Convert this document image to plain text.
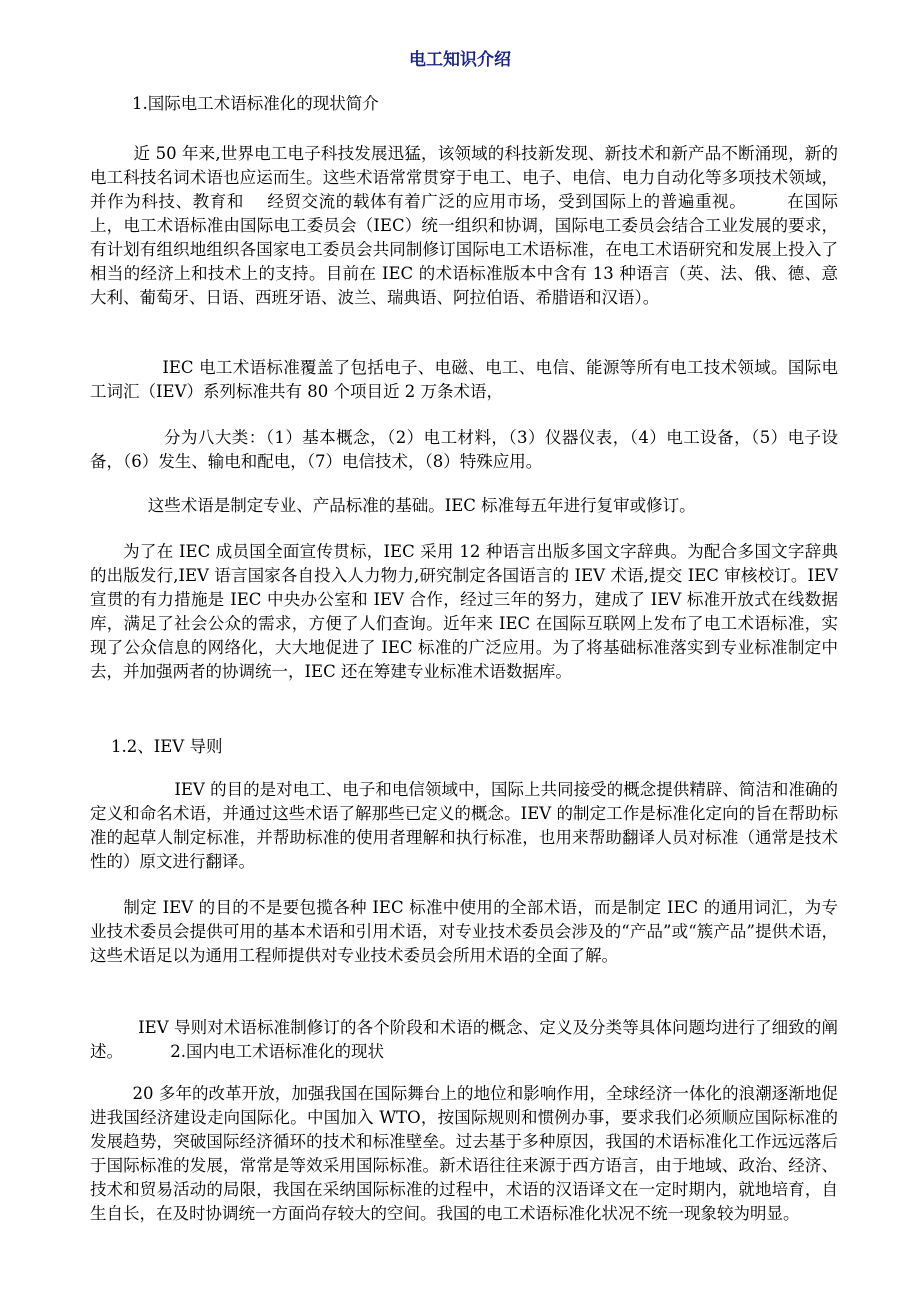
电工知识介绍

1.国际电工术语标准化的现状简介

近 50 年来,世界电工电子科技发展迅猛，该领域的科技新发现、新技术和新产品不断涌现，新的电工科技名词术语也应运而生。这些术语常常贯穿于电工、电子、电信、电力自动化等多项技术领域，并作为科技、教育和    经贸交流的载体有着广泛的应用市场，受到国际上的普遍重视。       在国际上，电工术语标准由国际电工委员会（IEC）统一组织和协调，国际电工委员会结合工业发展的要求，有计划有组织地组织各国家电工委员会共同制修订国际电工术语标准，在电工术语研究和发展上投入了相当的经济上和技术上的支持。目前在 IEC 的术语标准版本中含有 13 种语言（英、法、俄、德、意大利、葡萄牙、日语、西班牙语、波兰、瑞典语、阿拉伯语、希腊语和汉语）。

IEC 电工术语标准覆盖了包括电子、电磁、电工、电信、能源等所有电工技术领域。国际电工词汇（IEV）系列标准共有 80 个项目近 2 万条术语，

分为八大类：（1）基本概念，（2）电工材料，（3）仪器仪表，（4）电工设备，（5）电子设备，（6）发生、输电和配电，（7）电信技术，（8）特殊应用。

这些术语是制定专业、产品标准的基础。IEC 标准每五年进行复审或修订。

为了在 IEC 成员国全面宣传贯标，IEC 采用 12 种语言出版多国文字辞典。为配合多国文字辞典的出版发行,IEV 语言国家各自投入人力物力,研究制定各国语言的 IEV 术语,提交 IEC 审核校订。IEV 宣贯的有力措施是 IEC 中央办公室和 IEV 合作，经过三年的努力，建成了 IEV 标准开放式在线数据库，满足了社会公众的需求，方便了人们查询。近年来 IEC 在国际互联网上发布了电工术语标准，实现了公众信息的网络化，大大地促进了 IEC 标准的广泛应用。为了将基础标准落实到专业标准制定中去，并加强两者的协调统一，IEC 还在筹建专业标准术语数据库。

1.2、IEV 导则

IEV 的目的是对电工、电子和电信领域中，国际上共同接受的概念提供精辟、简洁和准确的定义和命名术语，并通过这些术语了解那些已定义的概念。IEV 的制定工作是标准化定向的旨在帮助标准的起草人制定标准，并帮助标准的使用者理解和执行标准，也用来帮助翻译人员对标准（通常是技术性的）原文进行翻译。

制定 IEV 的目的不是要包揽各种 IEC 标准中使用的全部术语，而是制定 IEC 的通用词汇，为专业技术委员会提供可用的基本术语和引用术语，对专业技术委员会涉及的“产品”或“簇产品”提供术语，这些术语足以为通用工程师提供对专业技术委员会所用术语的全面了解。

IEV 导则对术语标准制修订的各个阶段和术语的概念、定义及分类等具体问题均进行了细致的阐述。         2.国内电工术语标准化的现状

20 多年的改革开放，加强我国在国际舞台上的地位和影响作用，全球经济一体化的浪潮逐渐地促进我国经济建设走向国际化。中国加入 WTO，按国际规则和惯例办事，要求我们必须顺应国际标准的发展趋势，突破国际经济循环的技术和标准壁垒。过去基于多种原因，我国的术语标准化工作远远落后于国际标准的发展，常常是等效采用国际标准。新术语往往来源于西方语言，由于地域、政治、经济、技术和贸易活动的局限，我国在采纳国际标准的过程中，术语的汉语译文在一定时期内，就地培育，自生自长，在及时协调统一方面尚存较大的空间。我国的电工术语标准化状况不统一现象较为明显。
